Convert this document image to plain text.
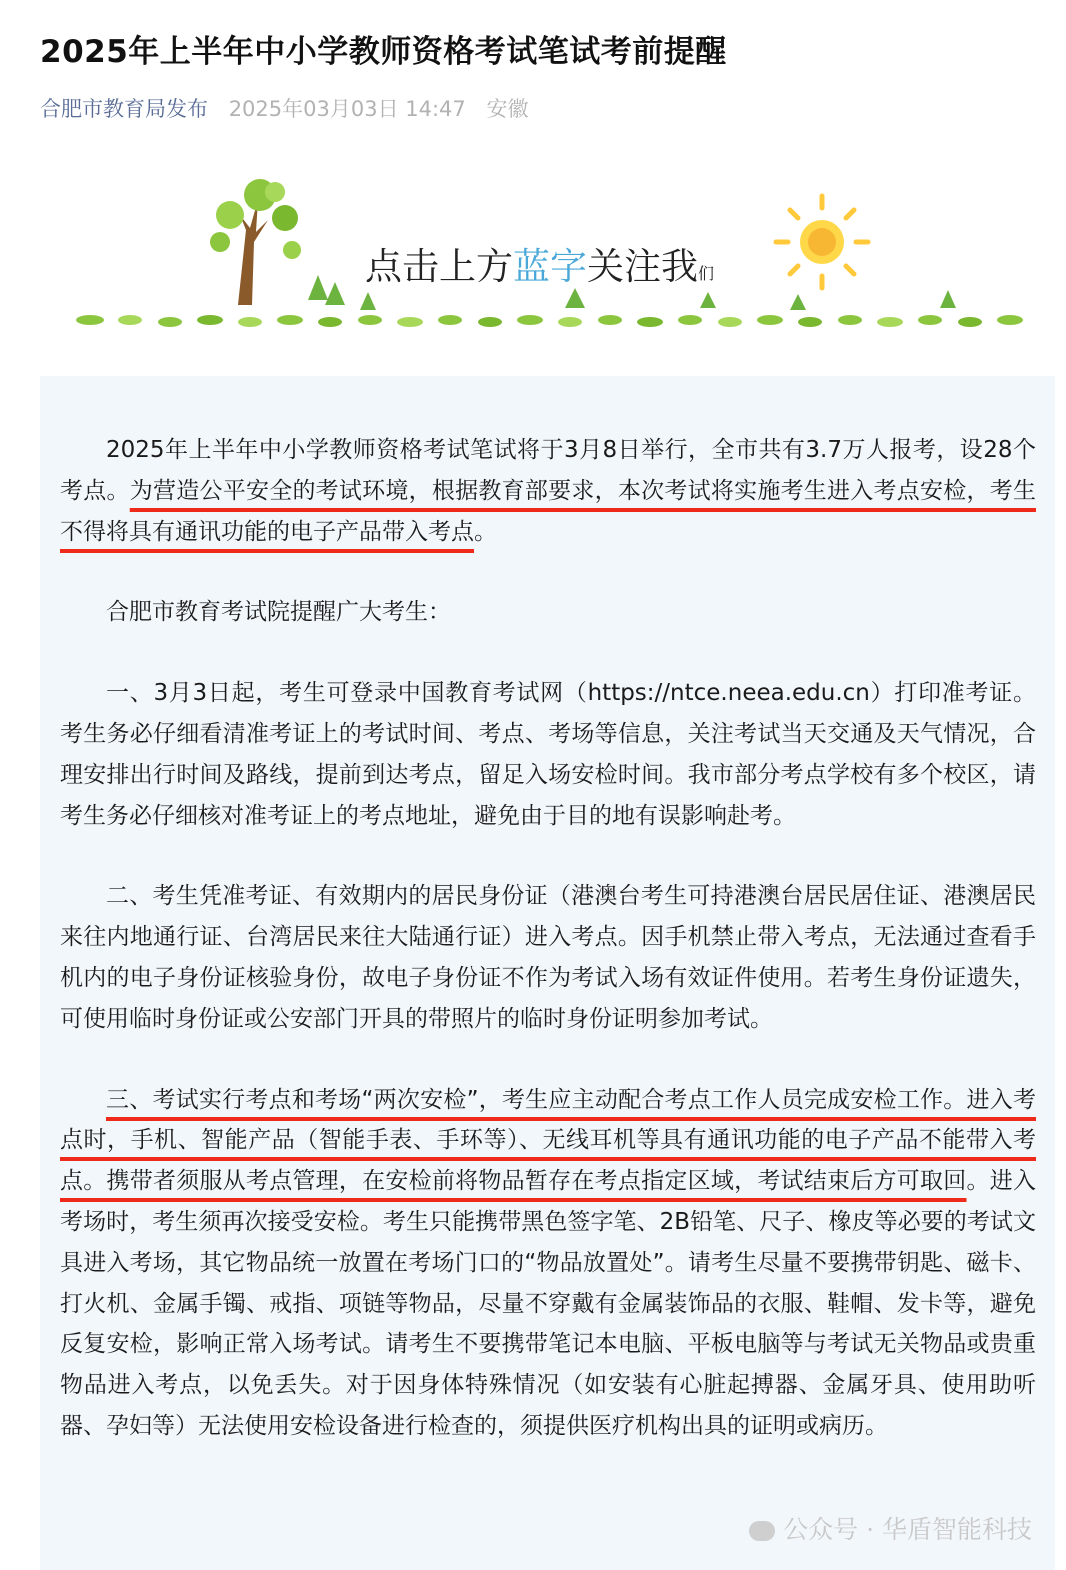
2025年上半年中小学教师资格考试笔试考前提醒
合肥市教育局发布 2025年03月03日 14:47 安徽
点击上方蓝字关注我们

2025年上半年中小学教师资格考试笔试将于3月8日举行，全市共有3.7万人报考，设28个考点。为营造公平安全的考试环境，根据教育部要求，本次考试将实施考生进入考点安检，考生不得将具有通讯功能的电子产品带入考点。

合肥市教育考试院提醒广大考生：

一、3月3日起，考生可登录中国教育考试网（https://ntce.neea.edu.cn）打印准考证。考生务必仔细看清准考证上的考试时间、考点、考场等信息，关注考试当天交通及天气情况，合理安排出行时间及路线，提前到达考点，留足入场安检时间。我市部分考点学校有多个校区，请考生务必仔细核对准考证上的考点地址，避免由于目的地有误影响赴考。

二、考生凭准考证、有效期内的居民身份证（港澳台考生可持港澳台居民居住证、港澳居民来往内地通行证、台湾居民来往大陆通行证）进入考点。因手机禁止带入考点，无法通过查看手机内的电子身份证核验身份，故电子身份证不作为考试入场有效证件使用。若考生身份证遗失，可使用临时身份证或公安部门开具的带照片的临时身份证明参加考试。

三、考试实行考点和考场“两次安检”，考生应主动配合考点工作人员完成安检工作。进入考点时，手机、智能产品（智能手表、手环等）、无线耳机等具有通讯功能的电子产品不能带入考点。携带者须服从考点管理，在安检前将物品暂存在考点指定区域，考试结束后方可取回。进入考场时，考生须再次接受安检。考生只能携带黑色签字笔、2B铅笔、尺子、橡皮等必要的考试文具进入考场，其它物品统一放置在考场门口的“物品放置处”。请考生尽量不要携带钥匙、磁卡、打火机、金属手镯、戒指、项链等物品，尽量不穿戴有金属装饰品的衣服、鞋帽、发卡等，避免反复安检，影响正常入场考试。请考生不要携带笔记本电脑、平板电脑等与考试无关物品或贵重物品进入考点，以免丢失。对于因身体特殊情况（如安装有心脏起搏器、金属牙具、使用助听器、孕妇等）无法使用安检设备进行检查的，须提供医疗机构出具的证明或病历。

公众号 · 华盾智能科技
